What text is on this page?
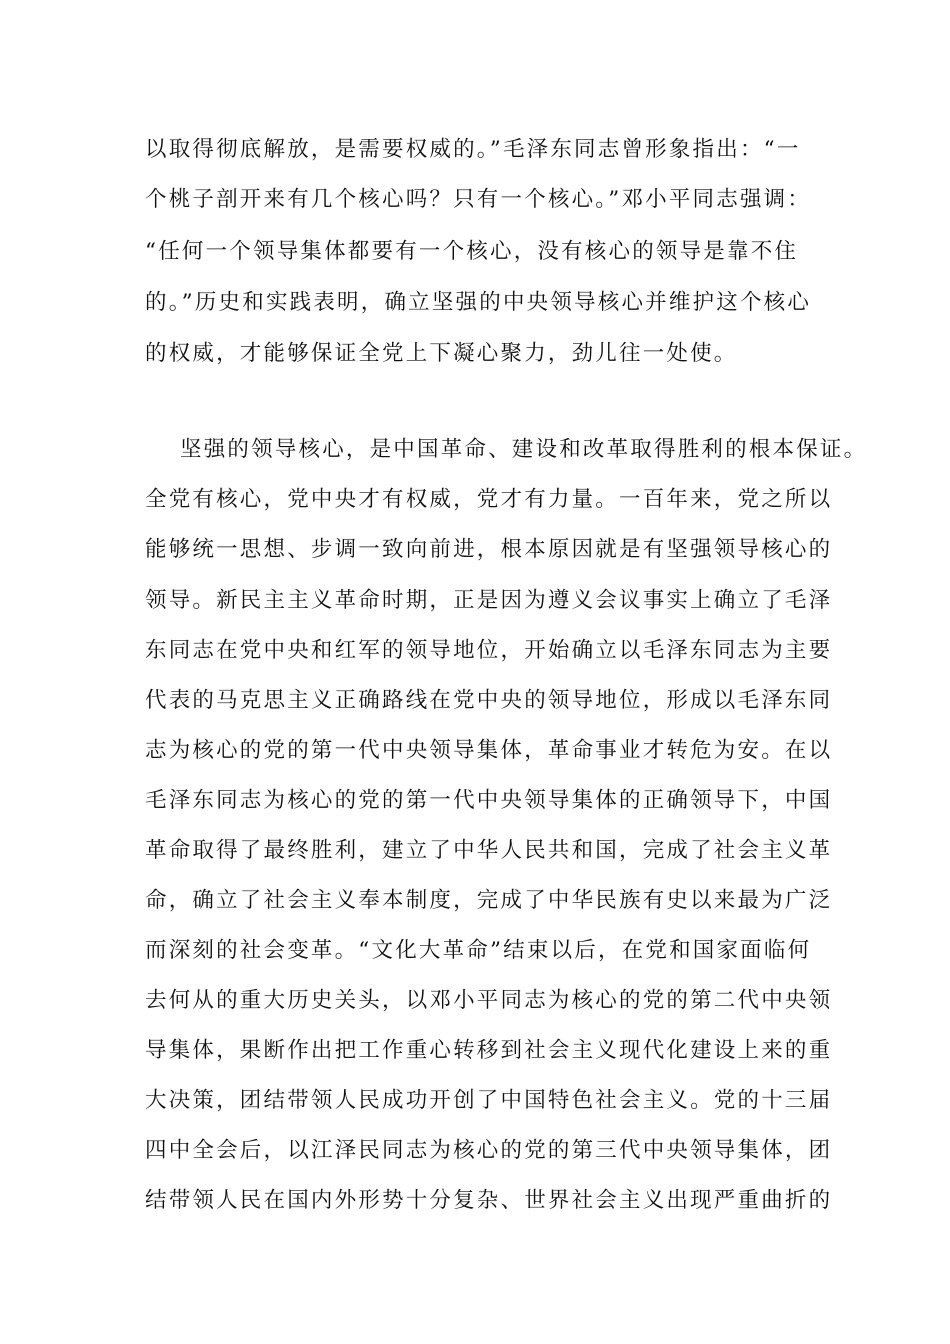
以取得彻底解放，是需要权威的。”毛泽东同志曾形象指出：“一
个桃子剖开来有几个核心吗？只有一个核心。”邓小平同志强调：
“任何一个领导集体都要有一个核心，没有核心的领导是靠不住
的。”历史和实践表明，确立坚强的中央领导核心并维护这个核心
的权威，才能够保证全党上下凝心聚力，劲儿往一处使。
坚强的领导核心，是中国革命、建设和改革取得胜利的根本保证。
全党有核心，党中央才有权威，党才有力量。一百年来，党之所以
能够统一思想、步调一致向前进，根本原因就是有坚强领导核心的
领导。新民主主义革命时期，正是因为遵义会议事实上确立了毛泽
东同志在党中央和红军的领导地位，开始确立以毛泽东同志为主要
代表的马克思主义正确路线在党中央的领导地位，形成以毛泽东同
志为核心的党的第一代中央领导集体，革命事业才转危为安。在以
毛泽东同志为核心的党的第一代中央领导集体的正确领导下，中国
革命取得了最终胜利，建立了中华人民共和国，完成了社会主义革
命，确立了社会主义奉本制度，完成了中华民族有史以来最为广泛
而深刻的社会变革。“文化大革命”结束以后，在党和国家面临何
去何从的重大历史关头，以邓小平同志为核心的党的第二代中央领
导集体，果断作出把工作重心转移到社会主义现代化建设上来的重
大决策，团结带领人民成功开创了中国特色社会主义。党的十三届
四中全会后，以江泽民同志为核心的党的第三代中央领导集体，团
结带领人民在国内外形势十分复杂、世界社会主义出现严重曲折的
